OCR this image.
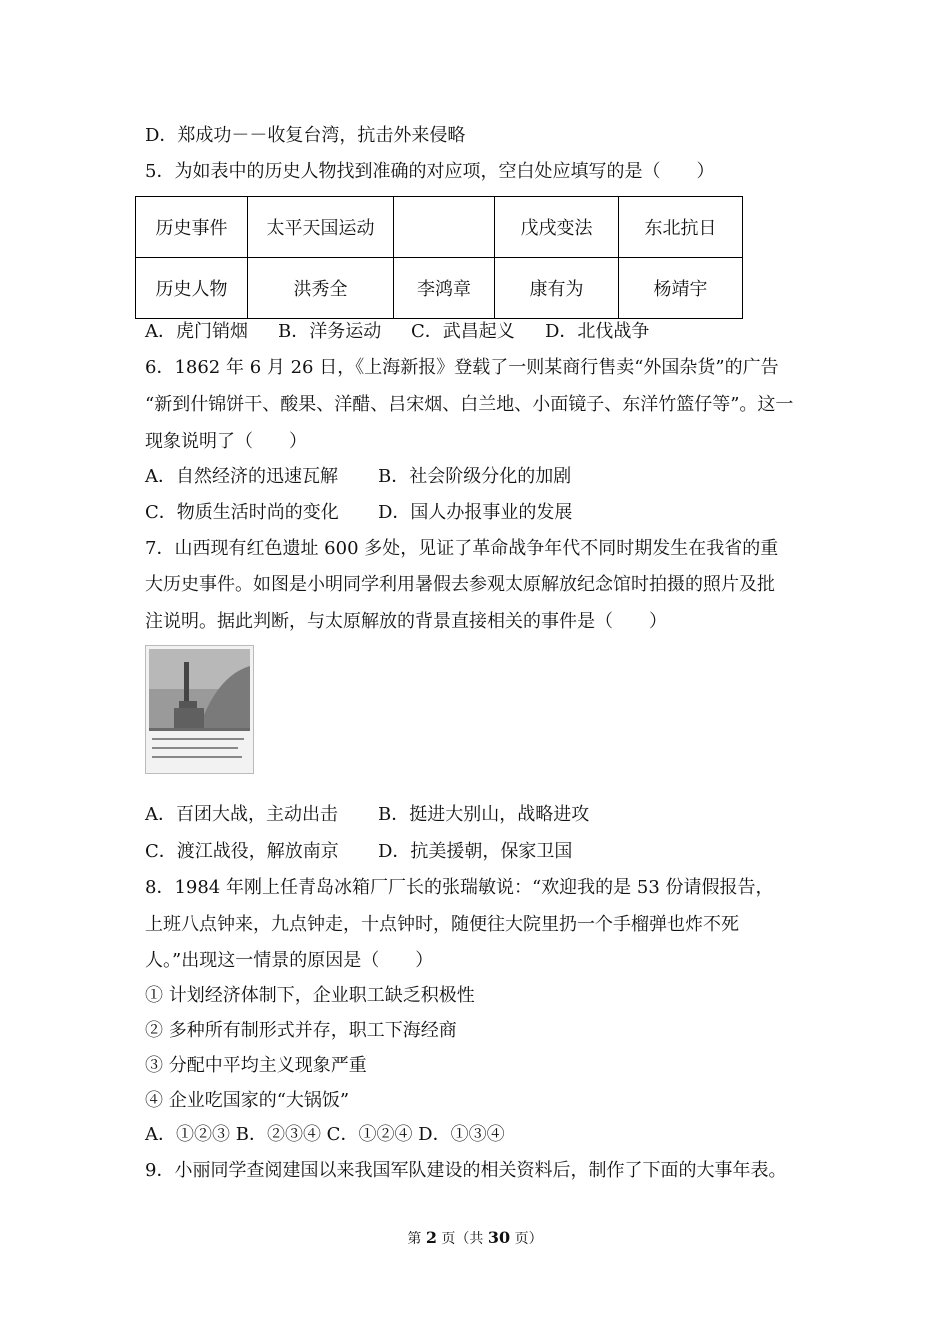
D．郑成功－－收复台湾，抗击外来侵略
5．为如表中的历史人物找到准确的对应项，空白处应填写的是（　　）
历史事件	太平天国运动		戊戌变法	东北抗日
历史人物	洪秀全	李鸿章	康有为	杨靖宇
A．虎门销烟 B．洋务运动 C．武昌起义 D．北伐战争
6．1862 年 6 月 26 日，《上海新报》登载了一则某商行售卖“外国杂货”的广告
“新到什锦饼干、酸果、洋醋、吕宋烟、白兰地、小面镜子、东洋竹篮仔等”。这一
现象说明了（　　）
A．自然经济的迅速瓦解 B．社会阶级分化的加剧
C．物质生活时尚的变化 D．国人办报事业的发展
7．山西现有红色遗址 600 多处，见证了革命战争年代不同时期发生在我省的重
大历史事件。如图是小明同学利用暑假去参观太原解放纪念馆时拍摄的照片及批
注说明。据此判断，与太原解放的背景直接相关的事件是（　　）
A．百团大战，主动出击 B．挺进大别山，战略进攻
C．渡江战役，解放南京 D．抗美援朝，保家卫国
8．1984 年刚上任青岛冰箱厂厂长的张瑞敏说：“欢迎我的是 53 份请假报告，
上班八点钟来，九点钟走，十点钟时，随便往大院里扔一个手榴弹也炸不死
人。”出现这一情景的原因是（　　）
① 计划经济体制下，企业职工缺乏积极性
② 多种所有制形式并存，职工下海经商
③ 分配中平均主义现象严重
④ 企业吃国家的“大锅饭”
A．①②③ B．②③④ C．①②④ D．①③④
9．小丽同学查阅建国以来我国军队建设的相关资料后，制作了下面的大事年表。
第 2 页（共 30 页）
